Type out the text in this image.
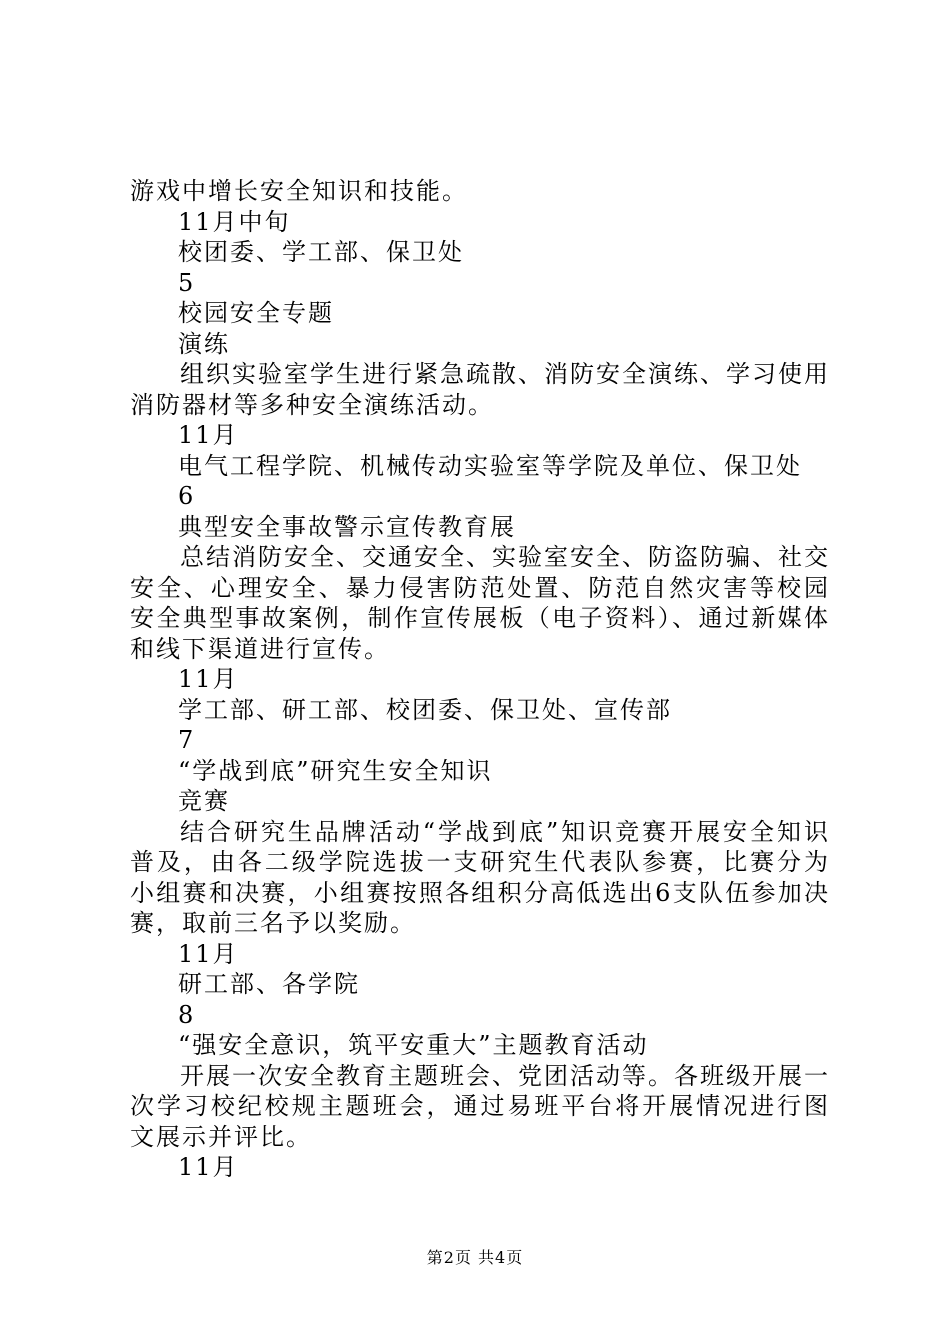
游戏中增长安全知识和技能。
11月中旬
校团委、学工部、保卫处
5
校园安全专题
演练
组织实验室学生进行紧急疏散、消防安全演练、学习使用消防器材等多种安全演练活动。
11月
电气工程学院、机械传动实验室等学院及单位、保卫处
6
典型安全事故警示宣传教育展
总结消防安全、交通安全、实验室安全、防盗防骗、社交安全、心理安全、暴力侵害防范处置、防范自然灾害等校园安全典型事故案例，制作宣传展板（电子资料）、通过新媒体和线下渠道进行宣传。
11月
学工部、研工部、校团委、保卫处、宣传部
7
“学战到底”研究生安全知识
竞赛
结合研究生品牌活动“学战到底”知识竞赛开展安全知识普及，由各二级学院选拔一支研究生代表队参赛，比赛分为小组赛和决赛，小组赛按照各组积分高低选出6支队伍参加决赛，取前三名予以奖励。
11月
研工部、各学院
8
“强安全意识，筑平安重大”主题教育活动
开展一次安全教育主题班会、党团活动等。各班级开展一次学习校纪校规主题班会，通过易班平台将开展情况进行图文展示并评比。
11月
第2页 共4页
